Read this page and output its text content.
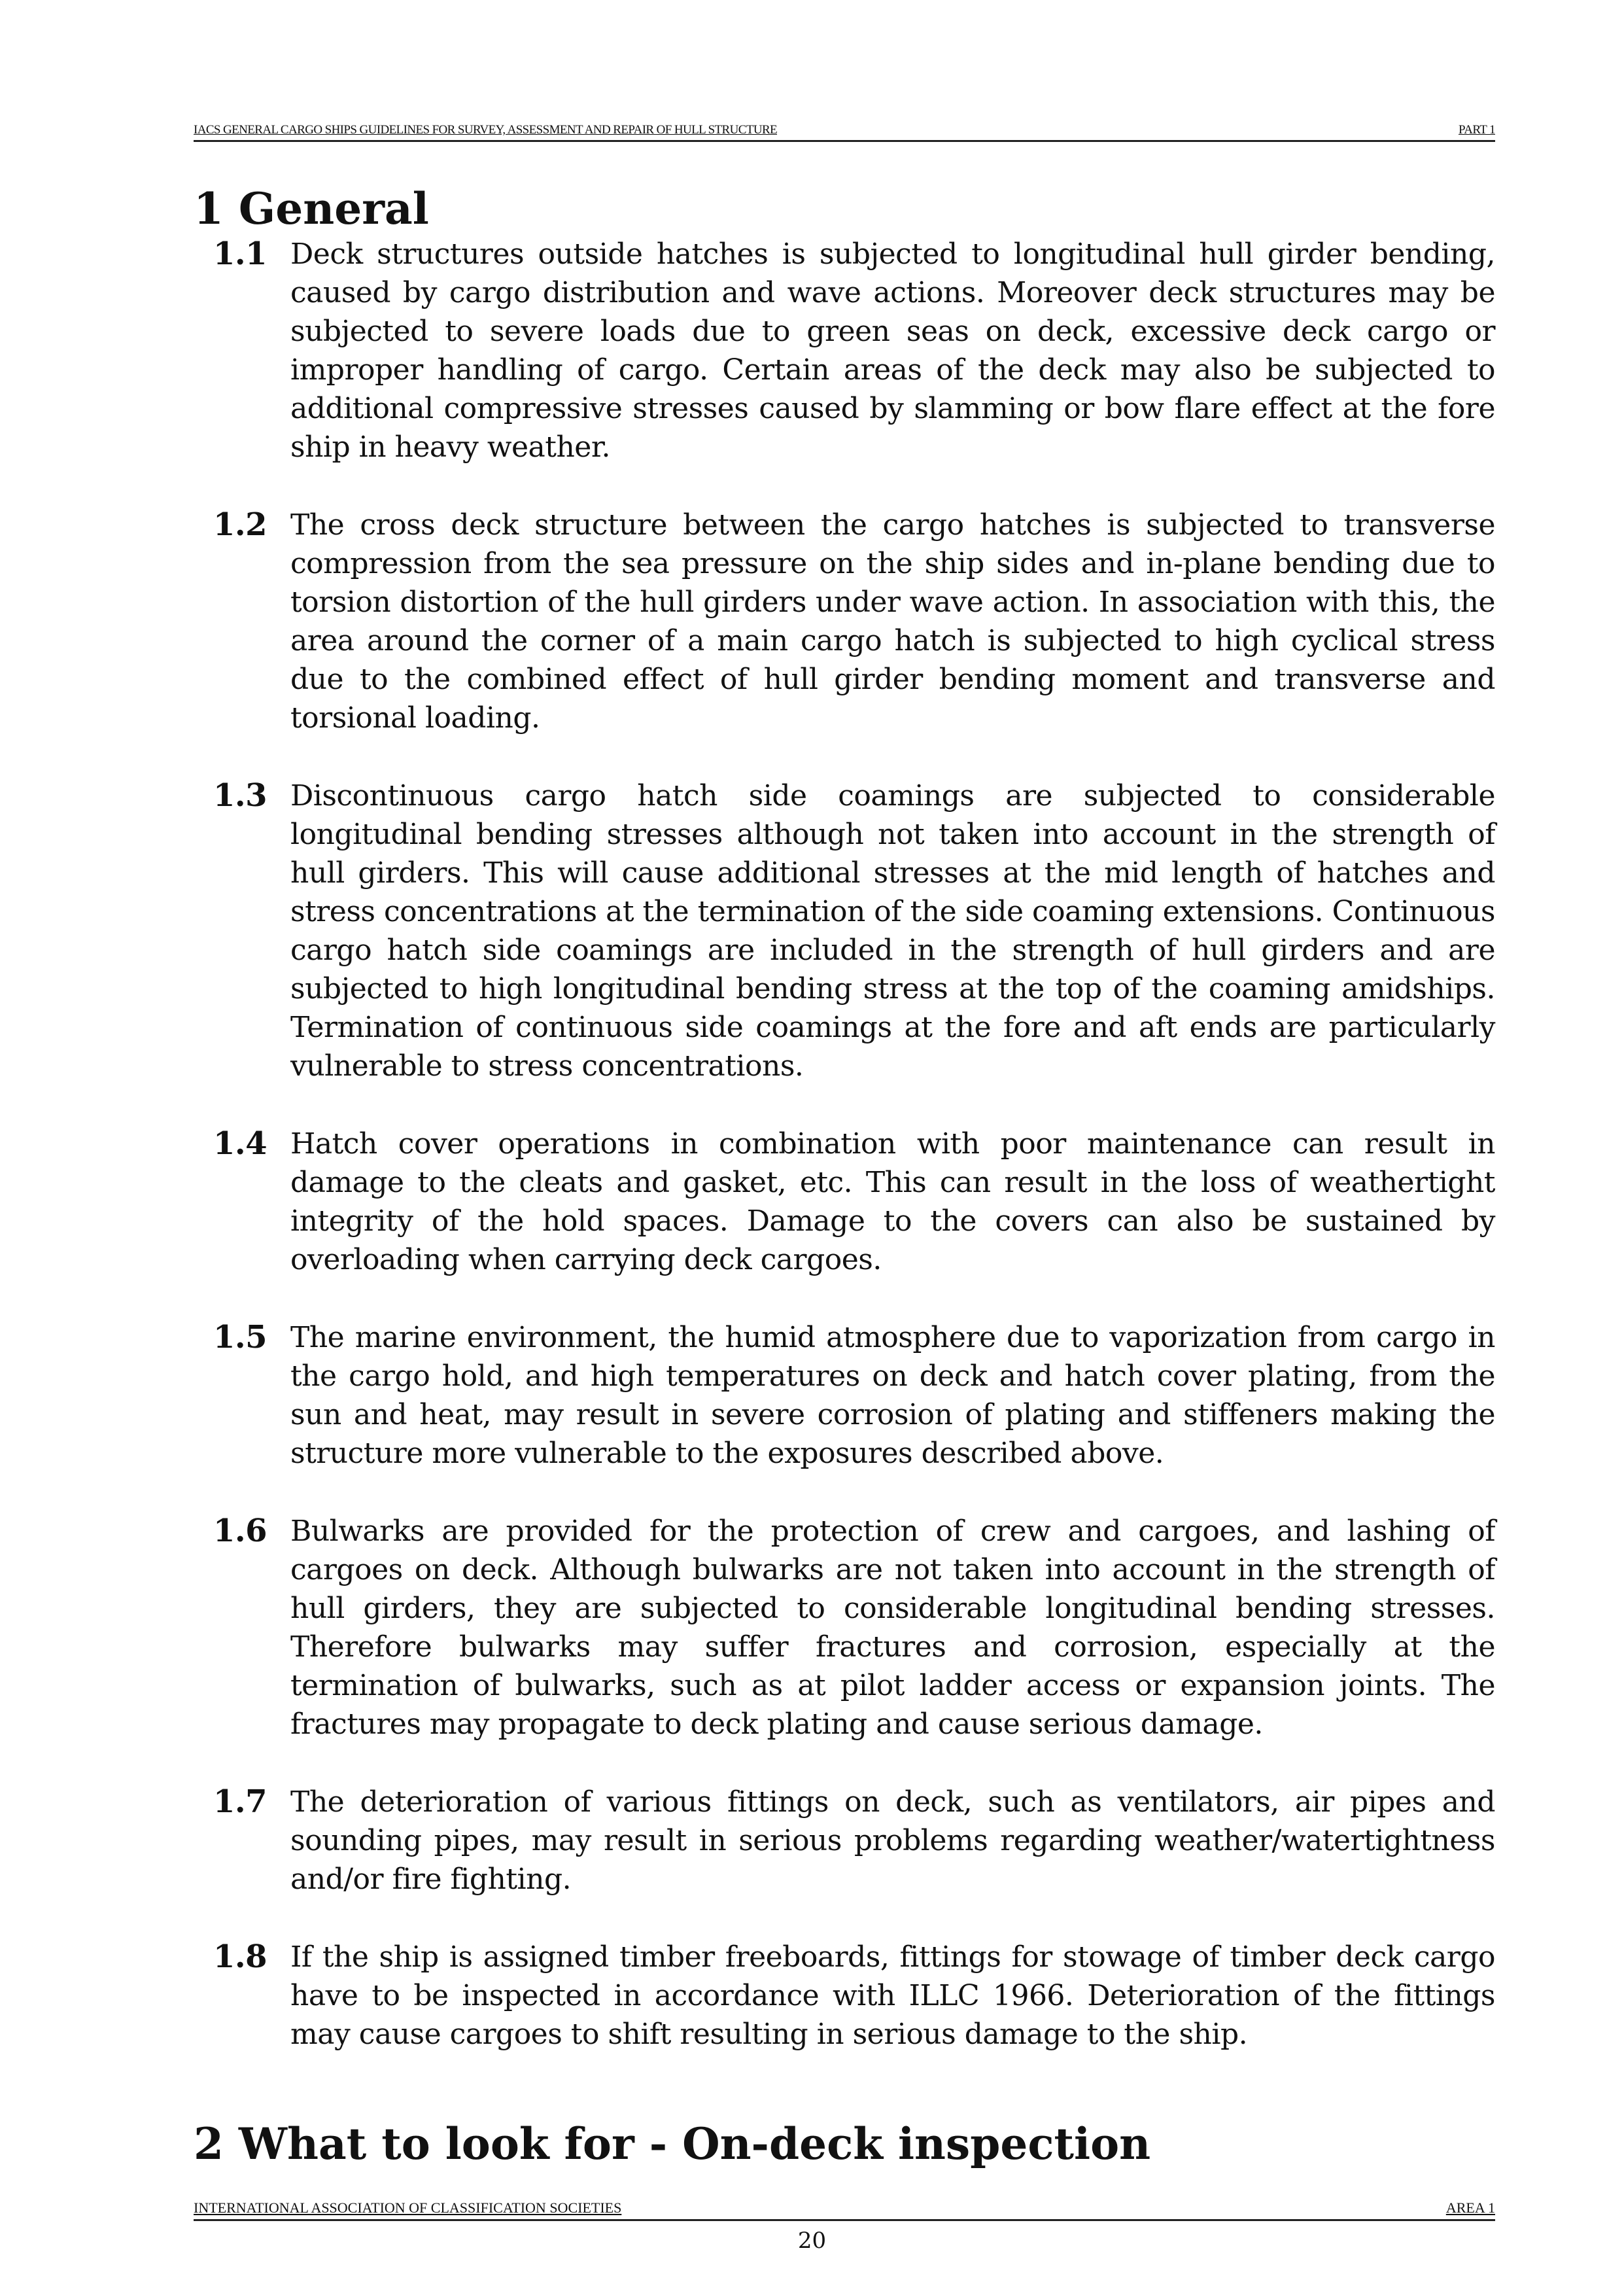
IACS GENERAL CARGO SHIPS GUIDELINES FOR SURVEY, ASSESSMENT AND REPAIR OF HULL STRUCTURE	PART 1
1 General
1.1 Deck structures outside hatches is subjected to longitudinal hull girder bending, caused by cargo distribution and wave actions. Moreover deck structures may be subjected to severe loads due to green seas on deck, excessive deck cargo or improper handling of cargo. Certain areas of the deck may also be subjected to additional compressive stresses caused by slamming or bow flare effect at the fore ship in heavy weather.
1.2 The cross deck structure between the cargo hatches is subjected to transverse compression from the sea pressure on the ship sides and in-plane bending due to torsion distortion of the hull girders under wave action. In association with this, the area around the corner of a main cargo hatch is subjected to high cyclical stress due to the combined effect of hull girder bending moment and transverse and torsional loading.
1.3 Discontinuous cargo hatch side coamings are subjected to considerable longitudinal bending stresses although not taken into account in the strength of hull girders. This will cause additional stresses at the mid length of hatches and stress concentrations at the termination of the side coaming extensions. Continuous cargo hatch side coamings are included in the strength of hull girders and are subjected to high longitudinal bending stress at the top of the coaming amidships. Termination of continuous side coamings at the fore and aft ends are particularly vulnerable to stress concentrations.
1.4 Hatch cover operations in combination with poor maintenance can result in damage to the cleats and gasket, etc. This can result in the loss of weathertight integrity of the hold spaces. Damage to the covers can also be sustained by overloading when carrying deck cargoes.
1.5 The marine environment, the humid atmosphere due to vaporization from cargo in the cargo hold, and high temperatures on deck and hatch cover plating, from the sun and heat, may result in severe corrosion of plating and stiffeners making the structure more vulnerable to the exposures described above.
1.6 Bulwarks are provided for the protection of crew and cargoes, and lashing of cargoes on deck. Although bulwarks are not taken into account in the strength of hull girders, they are subjected to considerable longitudinal bending stresses. Therefore bulwarks may suffer fractures and corrosion, especially at the termination of bulwarks, such as at pilot ladder access or expansion joints. The fractures may propagate to deck plating and cause serious damage.
1.7 The deterioration of various fittings on deck, such as ventilators, air pipes and sounding pipes, may result in serious problems regarding weather/watertightness and/or fire fighting.
1.8 If the ship is assigned timber freeboards, fittings for stowage of timber deck cargo have to be inspected in accordance with ILLC 1966. Deterioration of the fittings may cause cargoes to shift resulting in serious damage to the ship.
2 What to look for - On-deck inspection
INTERNATIONAL ASSOCIATION OF CLASSIFICATION SOCIETIES	AREA 1
20
